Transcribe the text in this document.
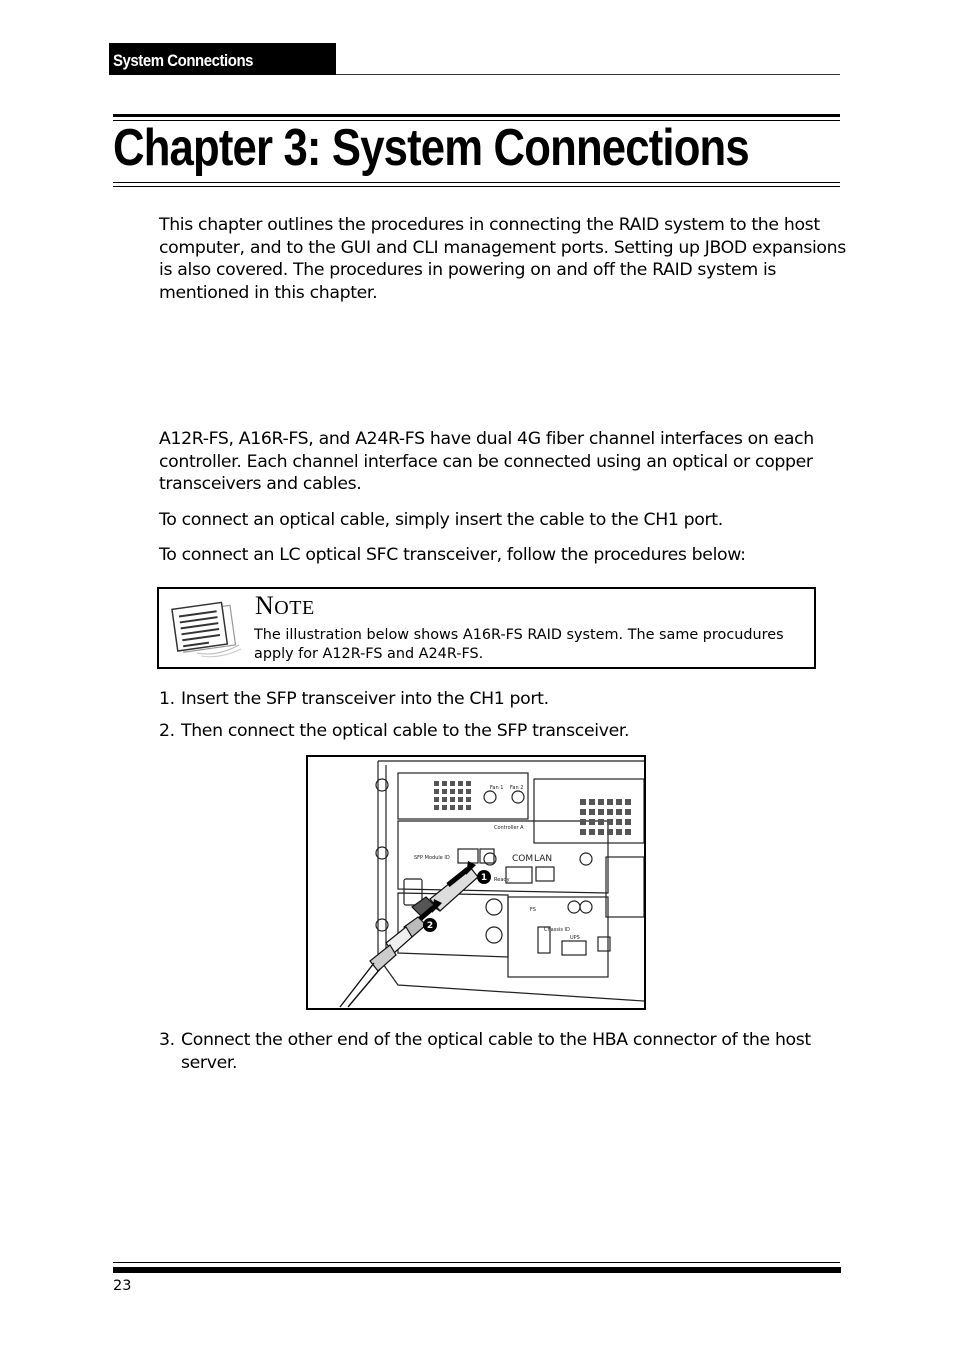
System Connections
Chapter 3: System Connections

This chapter outlines the procedures in connecting the RAID system to the host computer, and to the GUI and CLI management ports. Setting up JBOD expansions is also covered. The procedures in powering on and off the RAID system is mentioned in this chapter.

A12R-FS, A16R-FS, and A24R-FS have dual 4G fiber channel interfaces on each controller. Each channel interface can be connected using an optical or copper transceivers and cables.

To connect an optical cable, simply insert the cable to the CH1 port.

To connect an LC optical SFC transceiver, follow the procedures below:

NOTE

The illustration below shows A16R-FS RAID system. The same procudures apply for A12R-FS and A24R-FS.

1. Insert the SFP transceiver into the CH1 port.
2. Then connect the optical cable to the SFP transceiver.
Fan 1 Fan 2
Controller A
SFP Module ID
Ready
FS
Chassis ID
UPS
COM LAN
1
2
3. Connect the other end of the optical cable to the HBA connector of the host server.
23
